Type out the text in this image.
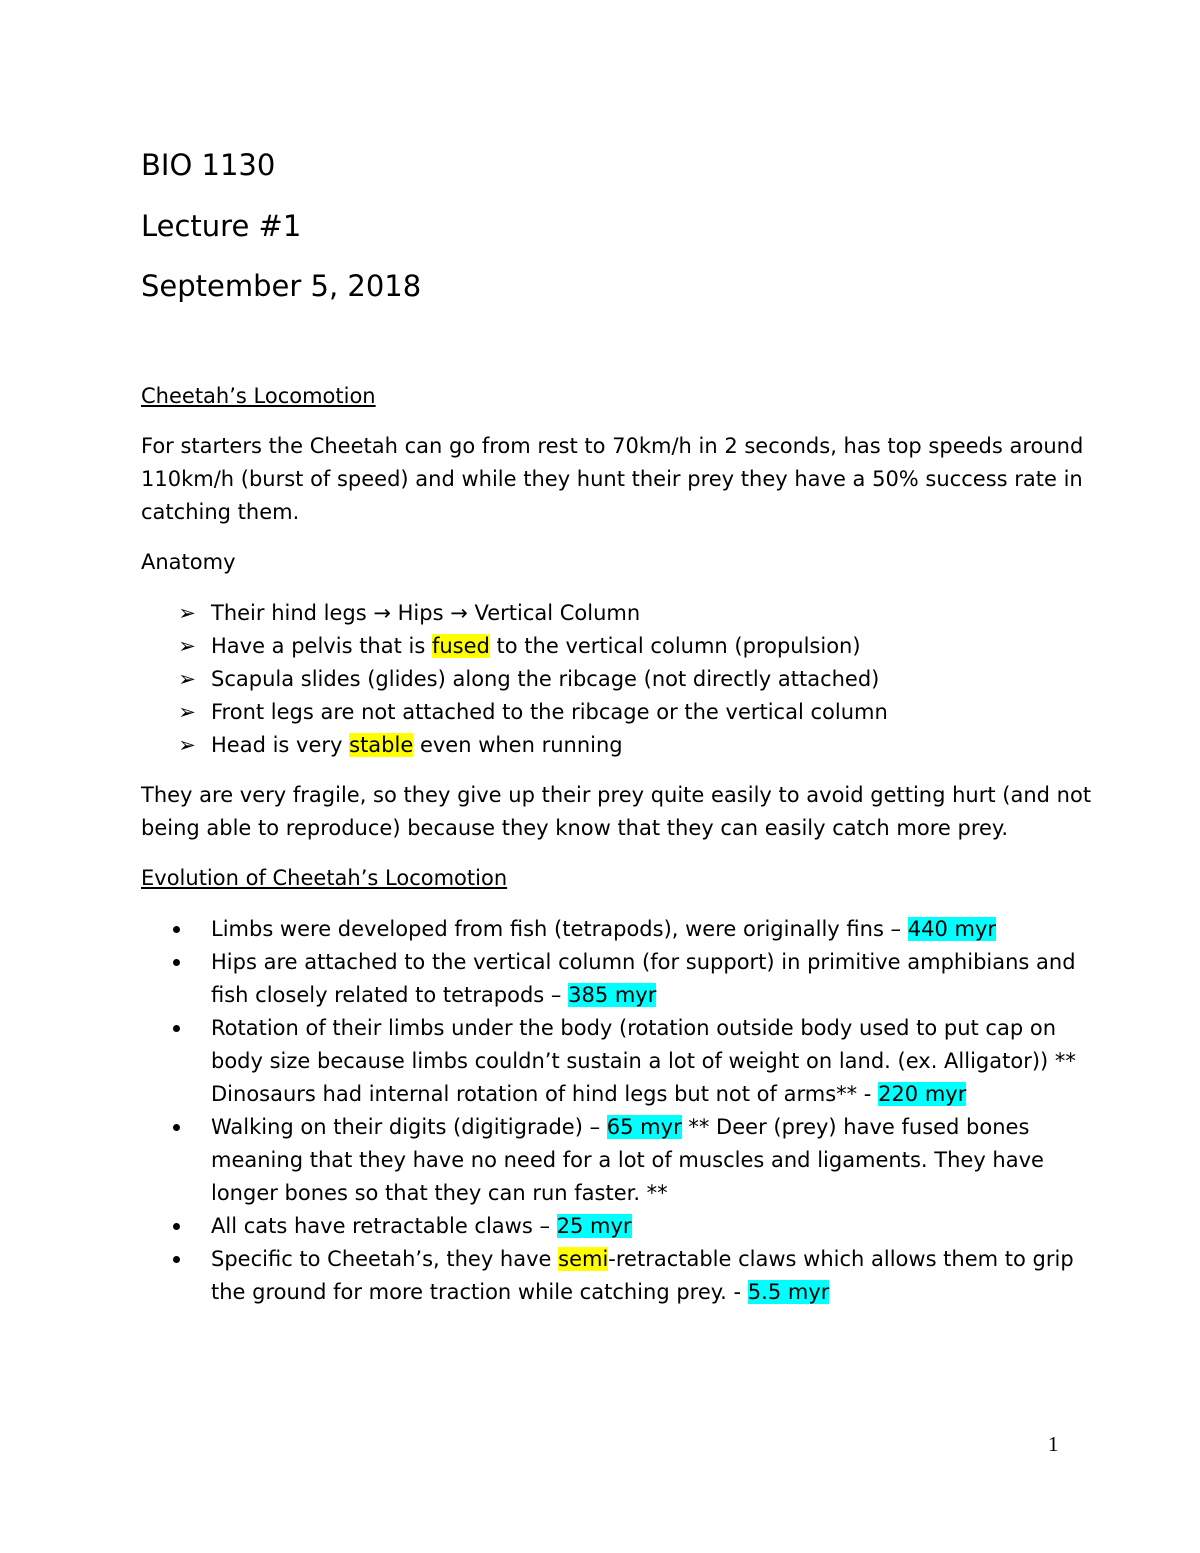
BIO 1130
Lecture #1
September 5, 2018
Cheetah’s Locomotion

For starters the Cheetah can go from rest to 70km/h in 2 seconds, has top speeds around 110km/h (burst of speed) and while they hunt their prey they have a 50% success rate in catching them.

Anatomy
➢ Their hind legs → Hips → Vertical Column
➢ Have a pelvis that is fused to the vertical column (propulsion)
➢ Scapula slides (glides) along the ribcage (not directly attached)
➢ Front legs are not attached to the ribcage or the vertical column
➢ Head is very stable even when running

They are very fragile, so they give up their prey quite easily to avoid getting hurt (and not being able to reproduce) because they know that they can easily catch more prey.

Evolution of Cheetah’s Locomotion
Limbs were developed from fish (tetrapods), were originally fins – 440 myr
Hips are attached to the vertical column (for support) in primitive amphibians and fish closely related to tetrapods – 385 myr
Rotation of their limbs under the body (rotation outside body used to put cap on body size because limbs couldn’t sustain a lot of weight on land. (ex. Alligator)) ** Dinosaurs had internal rotation of hind legs but not of arms** - 220 myr
Walking on their digits (digitigrade) – 65 myr ** Deer (prey) have fused bones meaning that they have no need for a lot of muscles and ligaments. They have longer bones so that they can run faster. **
All cats have retractable claws – 25 myr
Specific to Cheetah’s, they have semi-retractable claws which allows them to grip the ground for more traction while catching prey. - 5.5 myr
1
